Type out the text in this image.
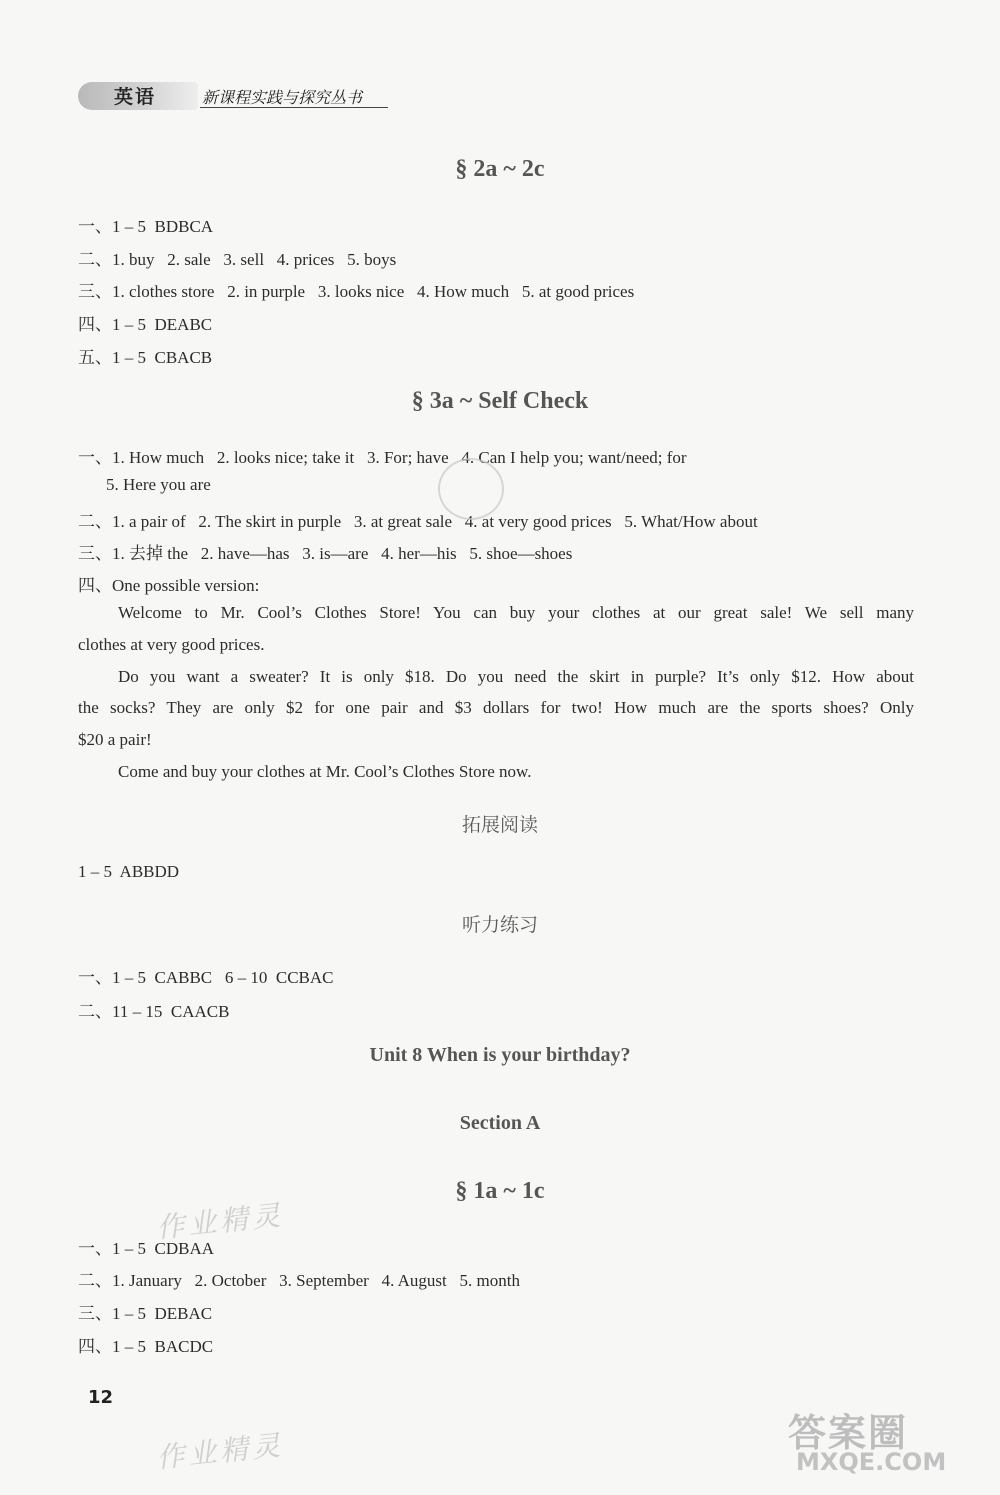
英语	新课程实践与探究丛书
§ 2a ~ 2c
一、1 – 5  BDBCA
二、1. buy   2. sale   3. sell   4. prices   5. boys
三、1. clothes store   2. in purple   3. looks nice   4. How much   5. at good prices
四、1 – 5  DEABC
五、1 – 5  CBACB
§ 3a ~ Self Check
一、1. How much   2. looks nice; take it   3. For; have   4. Can I help you; want/need; for
5. Here you are
二、1. a pair of   2. The skirt in purple   3. at great sale   4. at very good prices   5. What/How about
三、1. 去掉 the   2. have—has   3. is—are   4. her—his   5. shoe—shoes
四、One possible version:
Welcome to Mr. Cool’s Clothes Store! You can buy your clothes at our great sale! We sell many
clothes at very good prices.
Do you want a sweater? It is only $18. Do you need the skirt in purple? It’s only $12. How about
the socks? They are only $2 for one pair and $3 dollars for two! How much are the sports shoes? Only
$20 a pair!
Come and buy your clothes at Mr. Cool’s Clothes Store now.
拓展阅读
1 – 5  ABBDD
听力练习
一、1 – 5  CABBC   6 – 10  CCBAC
二、11 – 15  CAACB
Unit 8 When is your birthday?
Section A
§ 1a ~ 1c
作业精灵
一、1 – 5  CDBAA
二、1. January   2. October   3. September   4. August   5. month
三、1 – 5  DEBAC
四、1 – 5  BACDC
12
作业精灵	答案圈
MXQE.COM
